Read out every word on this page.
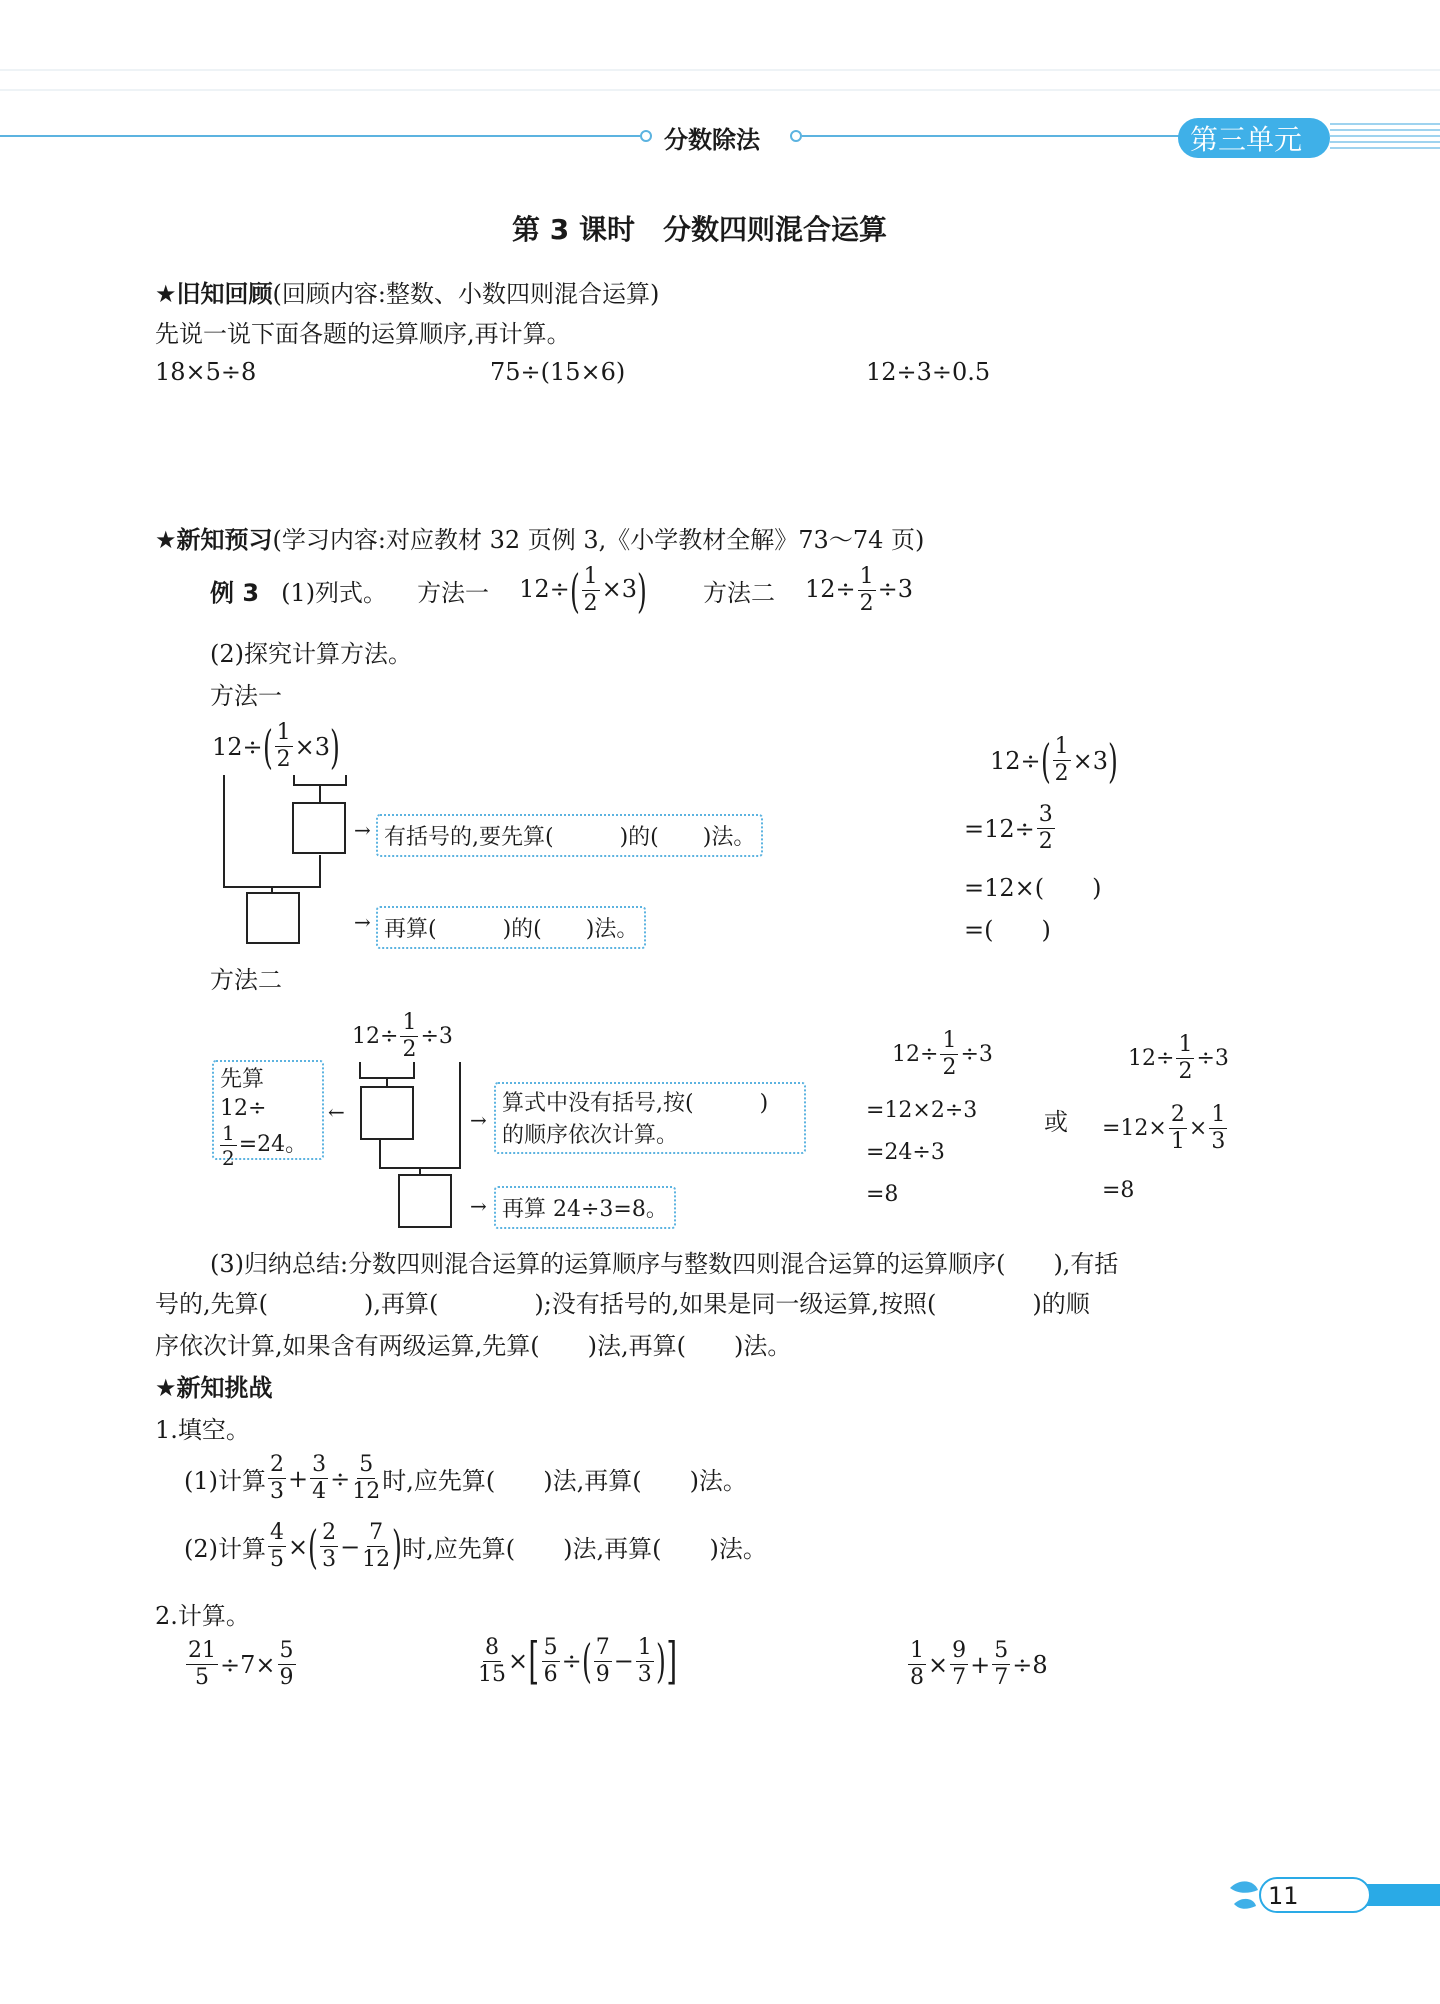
分数除法	第三单元
第 3 课时　分数四则混合运算
★旧知回顾(回顾内容:整数、小数四则混合运算)
先说一说下面各题的运算顺序,再计算。
18×5÷8	75÷(15×6)	12÷3÷0.5
★新知预习(学习内容:对应教材 32 页例 3,《小学教材全解》73～74 页)
例 3 (1)列式。 方法一 $12\div( \frac{1}{2} \times 3)$ 方法二 $12\div \frac{1}{2} \div 3$
(2)探究计算方法。
方法一
12÷ ( $\frac{1}{2} \times 3$ )
→
→
有括号的,要先算(　　　)的(　　)法。
再算(　　　)的(　　)法。
12÷ ( $\frac{1}{2} \times 3$ )
$=12\div \frac{3}{2}$
=12×(　　)
=(　　)
方法二
$12\div \frac{1}{2} \div 3$
←	→
→
先算 12÷
$\frac{1}{2} =24$。
算式中没有括号,按(　　　)
的顺序依次计算。
再算 24÷3=8。
$12\div \frac{1}{2} \div 3$
=12×2÷3
=24÷3
=8
或
$12\div \frac{1}{2} \div 3$
$=12\times \frac{2}{1} \times \frac{1}{3}$
=8
(3)归纳总结:分数四则混合运算的运算顺序与整数四则混合运算的运算顺序(　　),有括
号的,先算(　　　　),再算(　　　　);没有括号的,如果是同一级运算,按照(　　　　)的顺
序依次计算,如果含有两级运算,先算(　　)法,再算(　　)法。
★新知挑战
1.填空。
(1)计算 $\frac{2}{3} + \frac{3}{4} \div \frac{5}{12}$ 时,应先算(　　)法,再算(　　)法。
(2)计算 $\frac{4}{5}$ × ( $\frac{2}{3} - \frac{7}{12}$ ) 时,应先算(　　)法,再算(　　)法。
2.计算。
$\frac{21}{5} \div 7\times \frac{5}{9}$	$\frac{8}{15}$ × [ $\frac{5}{6}$ ÷ ( $\frac{7}{9} - \frac{1}{3}$ ) ]	$\frac{1}{8} \times \frac{9}{7} + \frac{5}{7} \div 8$
11
